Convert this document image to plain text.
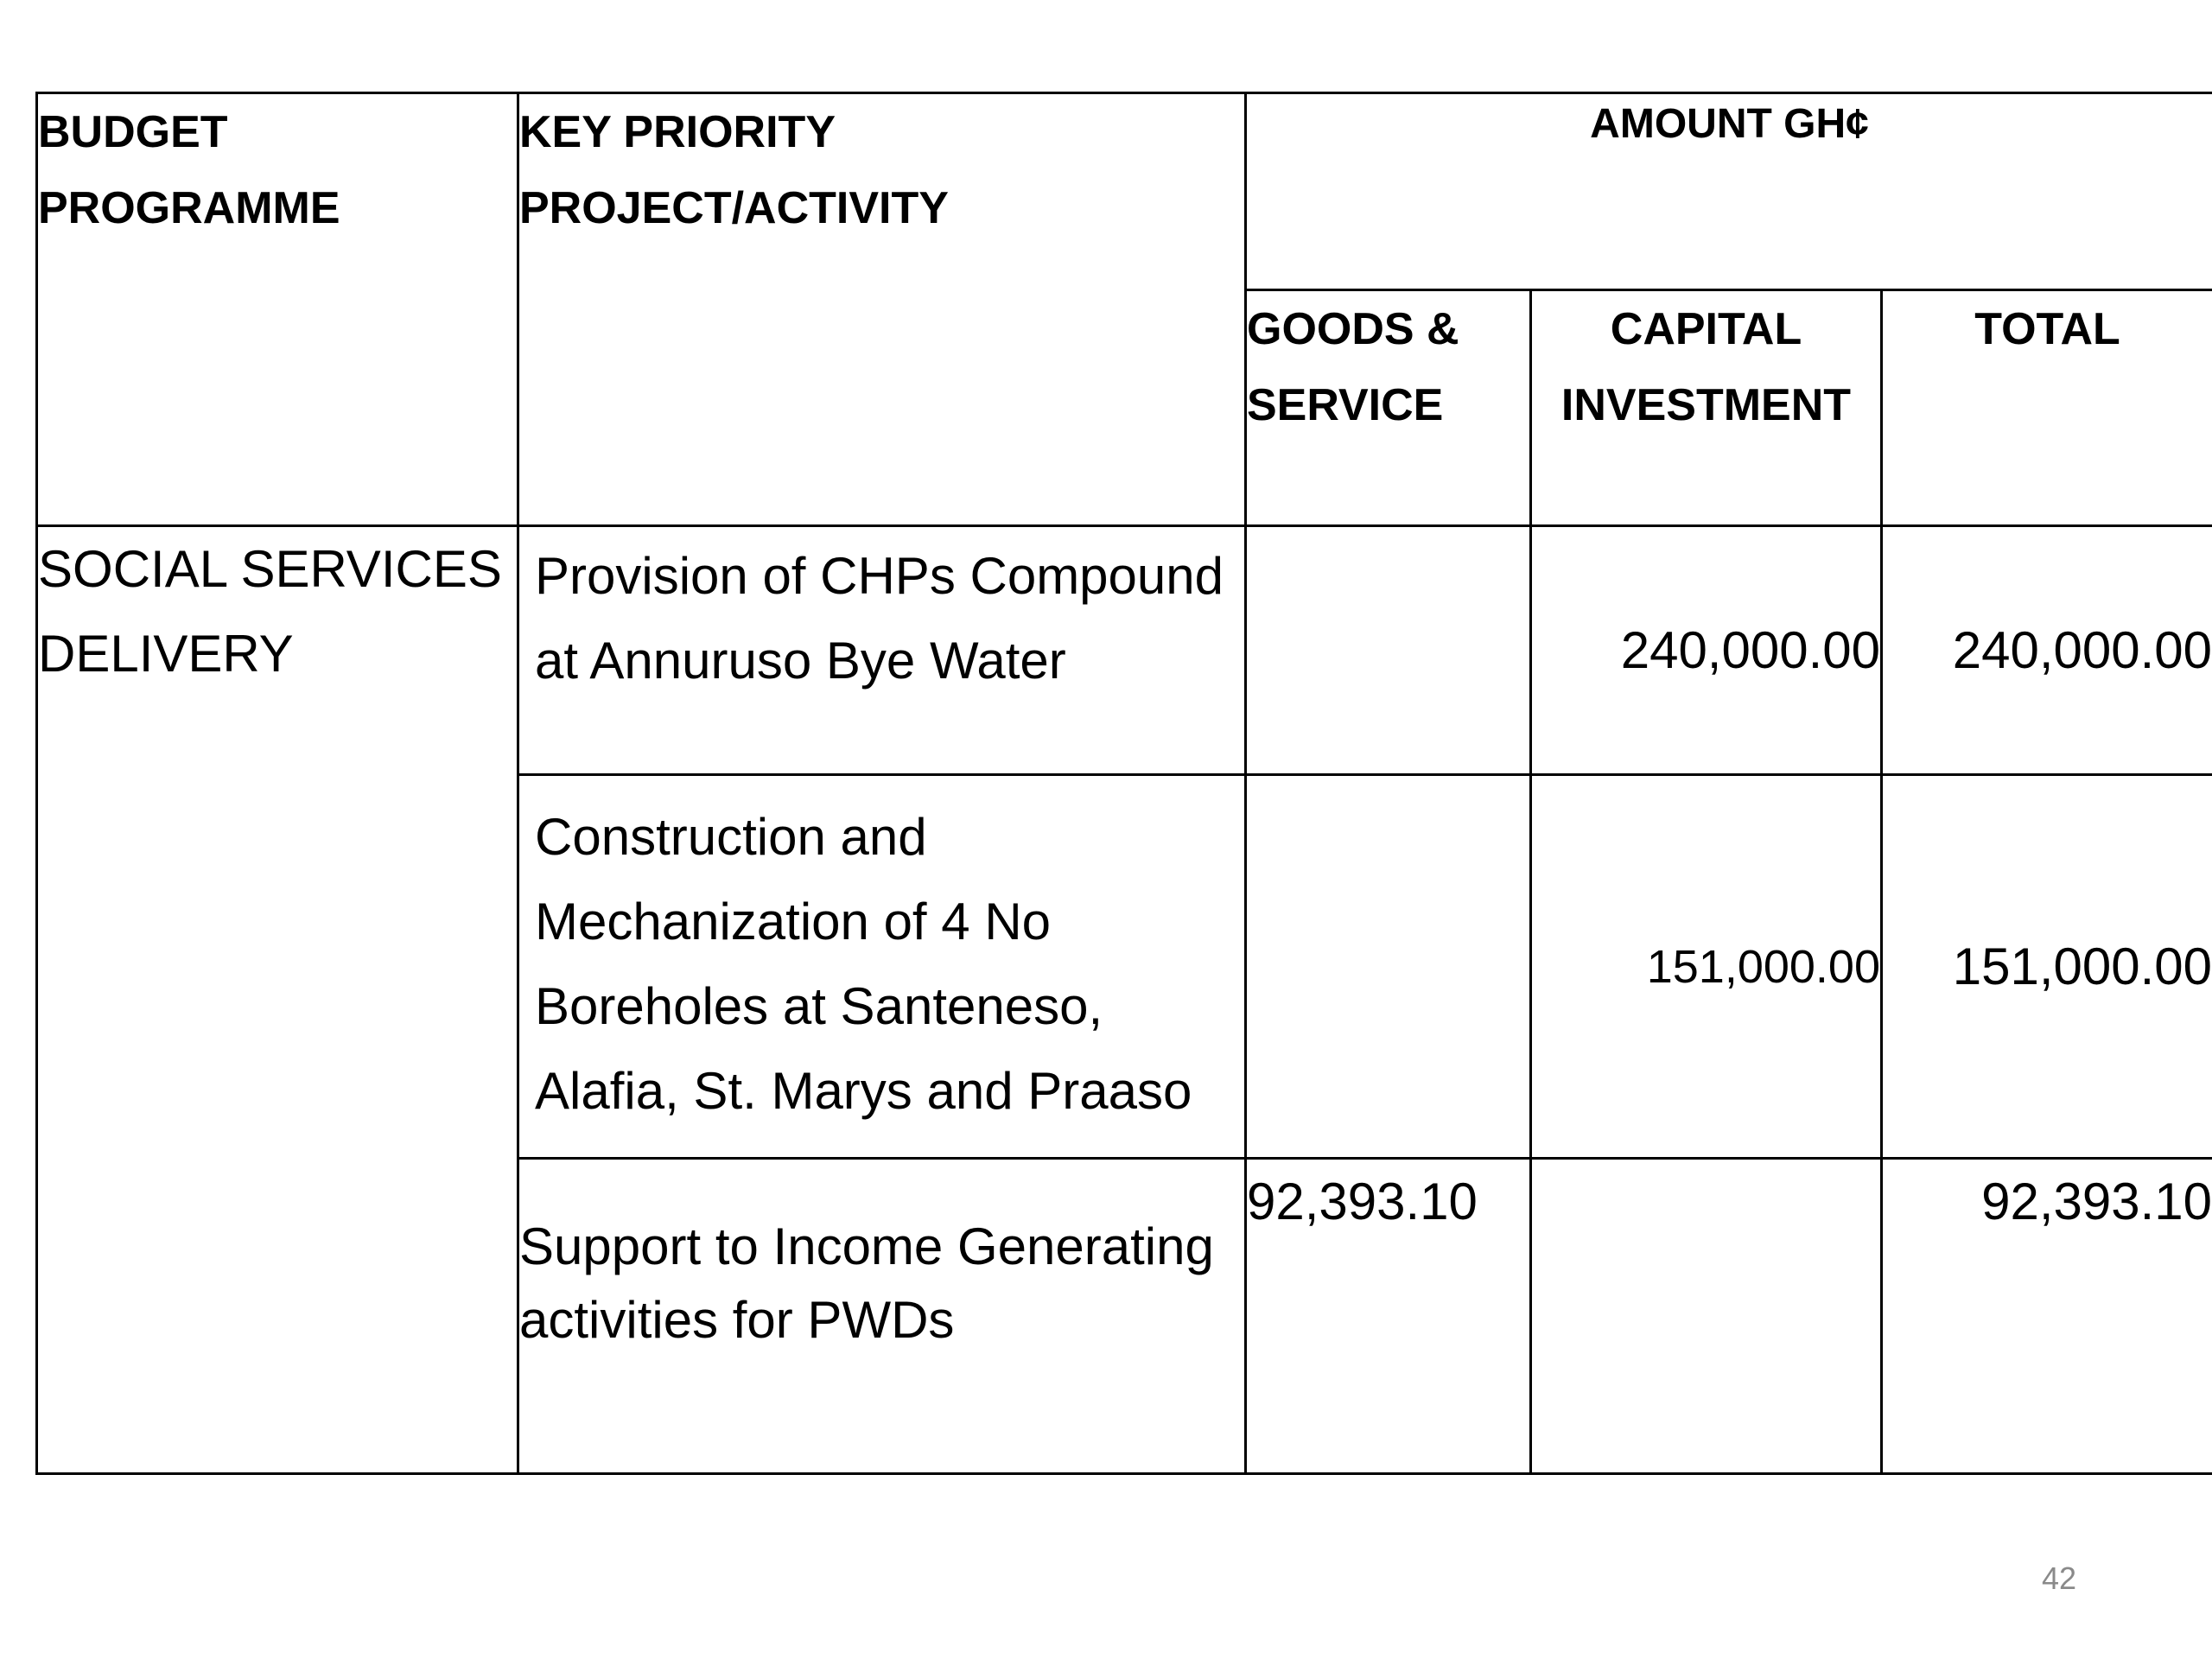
BUDGET PROGRAMME	KEY PRIORITY PROJECT/ACTIVITY	AMOUNT GH¢		

		GOODS & SERVICE	CAPITAL INVESTMENT	TOTAL

SOCIAL SERVICES DELIVERY	Provision of CHPs Compound at Annuruso Bye Water		240,000.00	240,000.00

	Construction and Mechanization of 4 No Boreholes at Santeneso, Alafia, St. Marys and Praaso		151,000.00	151,000.00

	Support to Income Generating activities for PWDs	92,393.10		92,393.10
42
